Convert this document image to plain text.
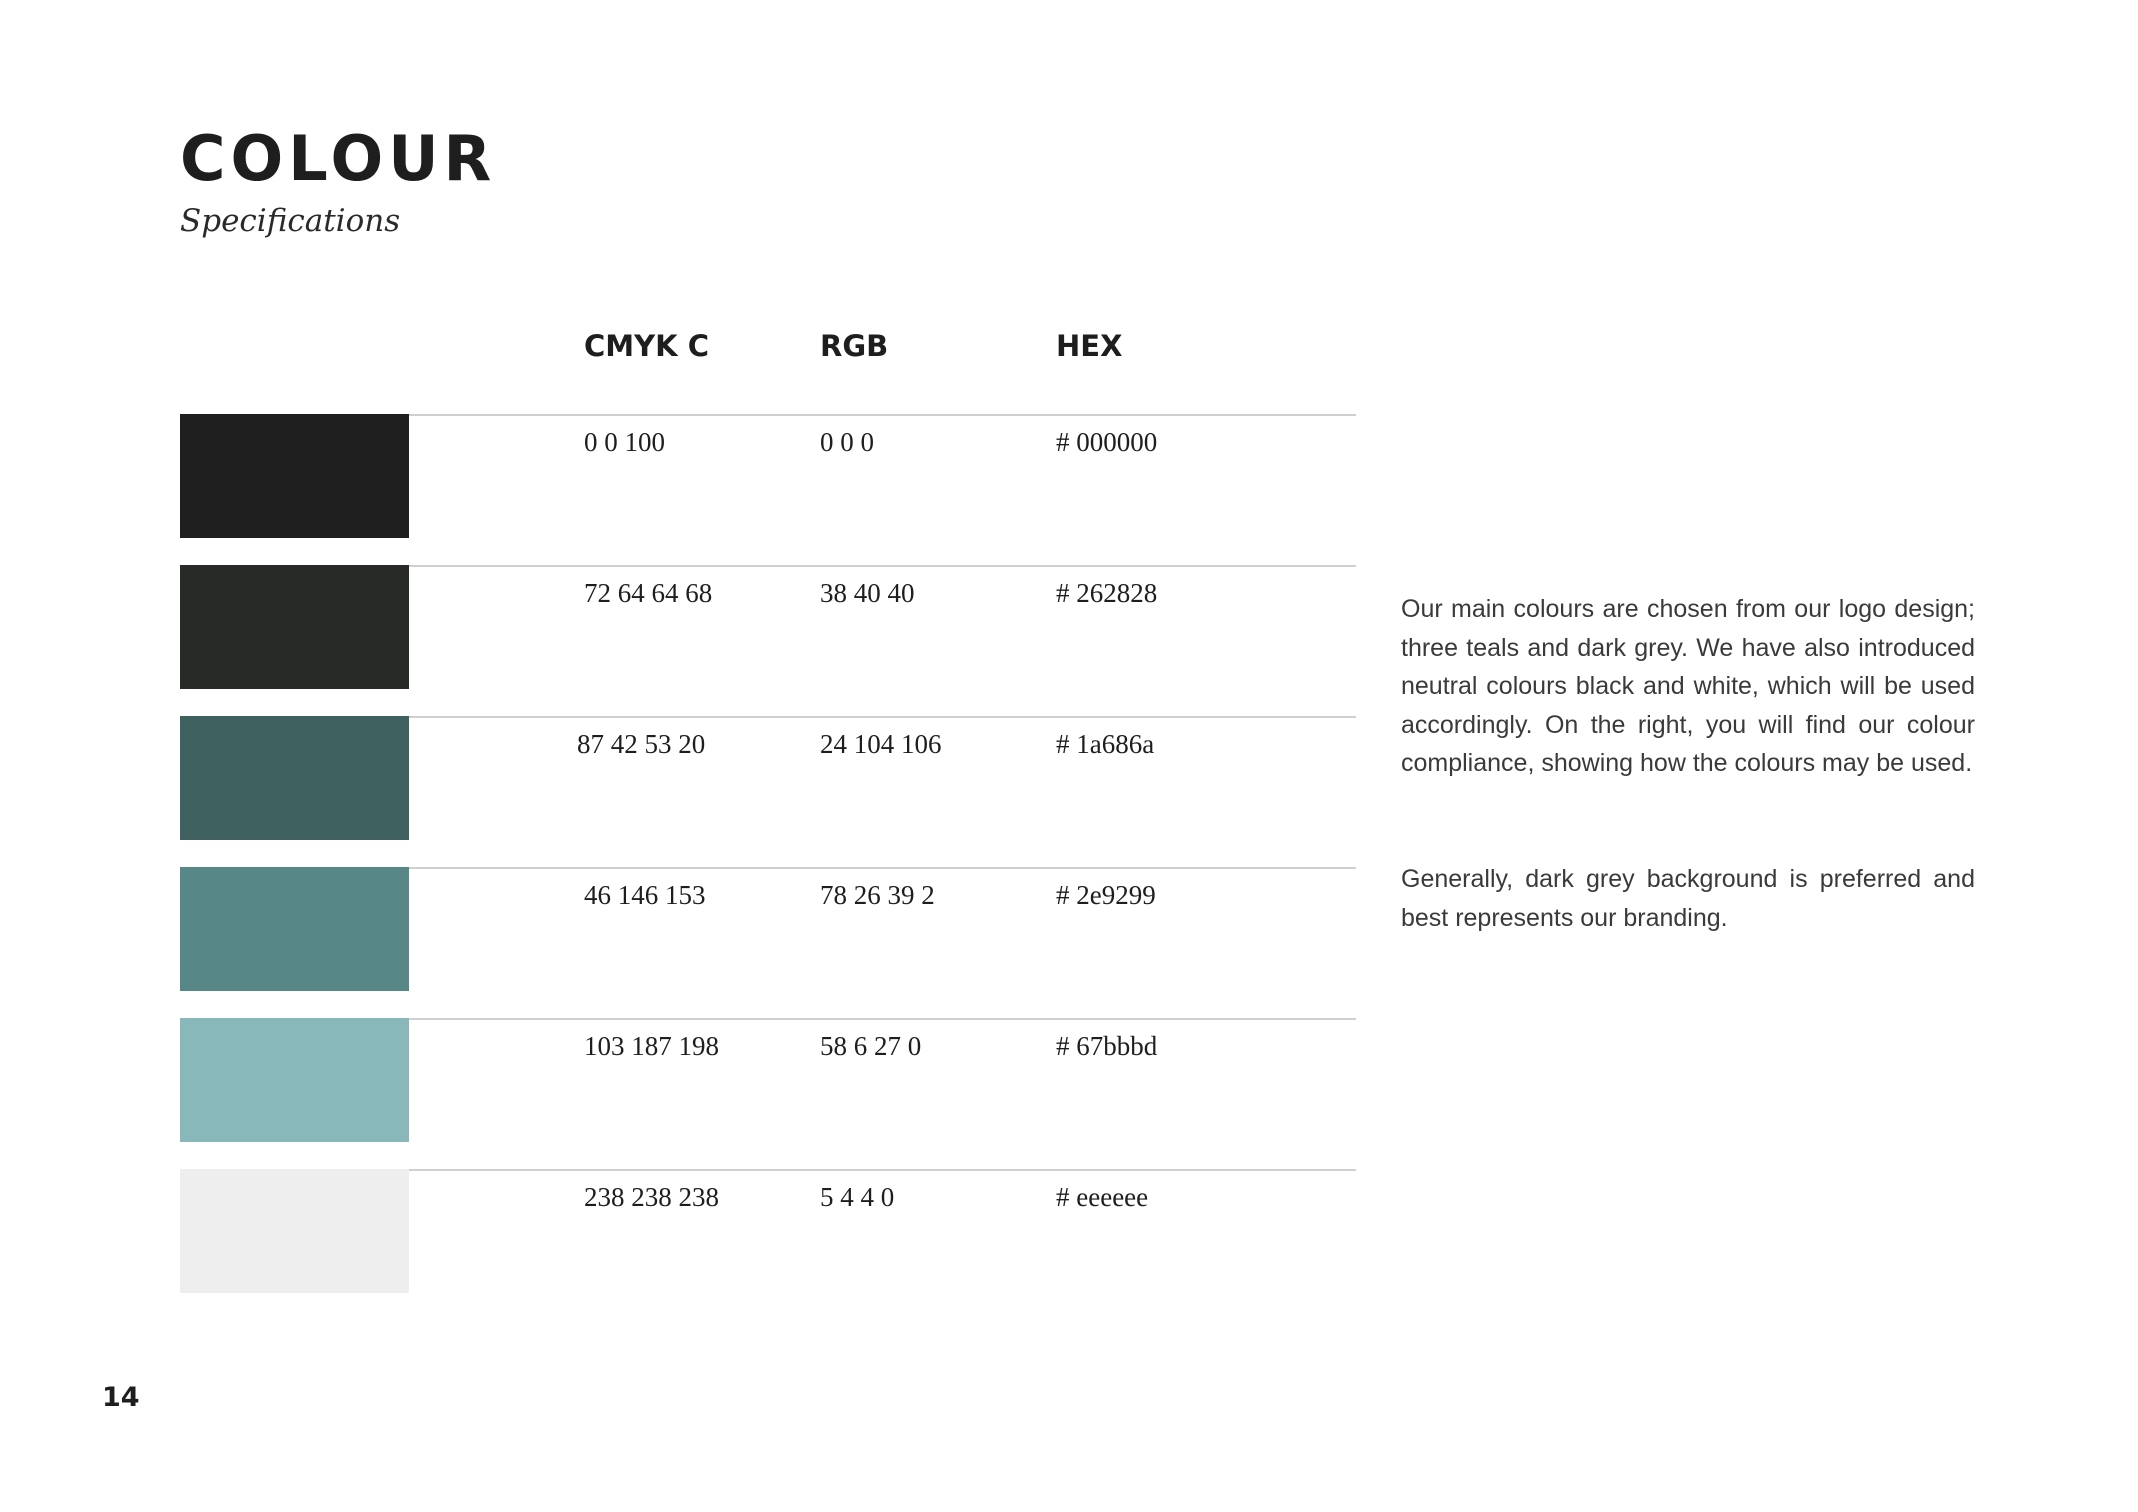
COLOUR
Specifications
CMYK C	RGB	HEX
0 0 100	0 0 0	# 000000
72 64 64 68	38 40 40	# 262828
87 42 53 20	24 104 106	# 1a686a
46 146 153	78 26 39 2	# 2e9299
103 187 198	58 6 27 0	# 67bbbd
238 238 238	5 4 4 0	# eeeeee

Our main colours are chosen from our logo design; three teals and dark grey. We have also introduced neutral colours black and white, which will be used accordingly. On the right, you will find our colour compliance, showing how the colours may be used.

Generally, dark grey background is preferred and best represents our branding.

14
